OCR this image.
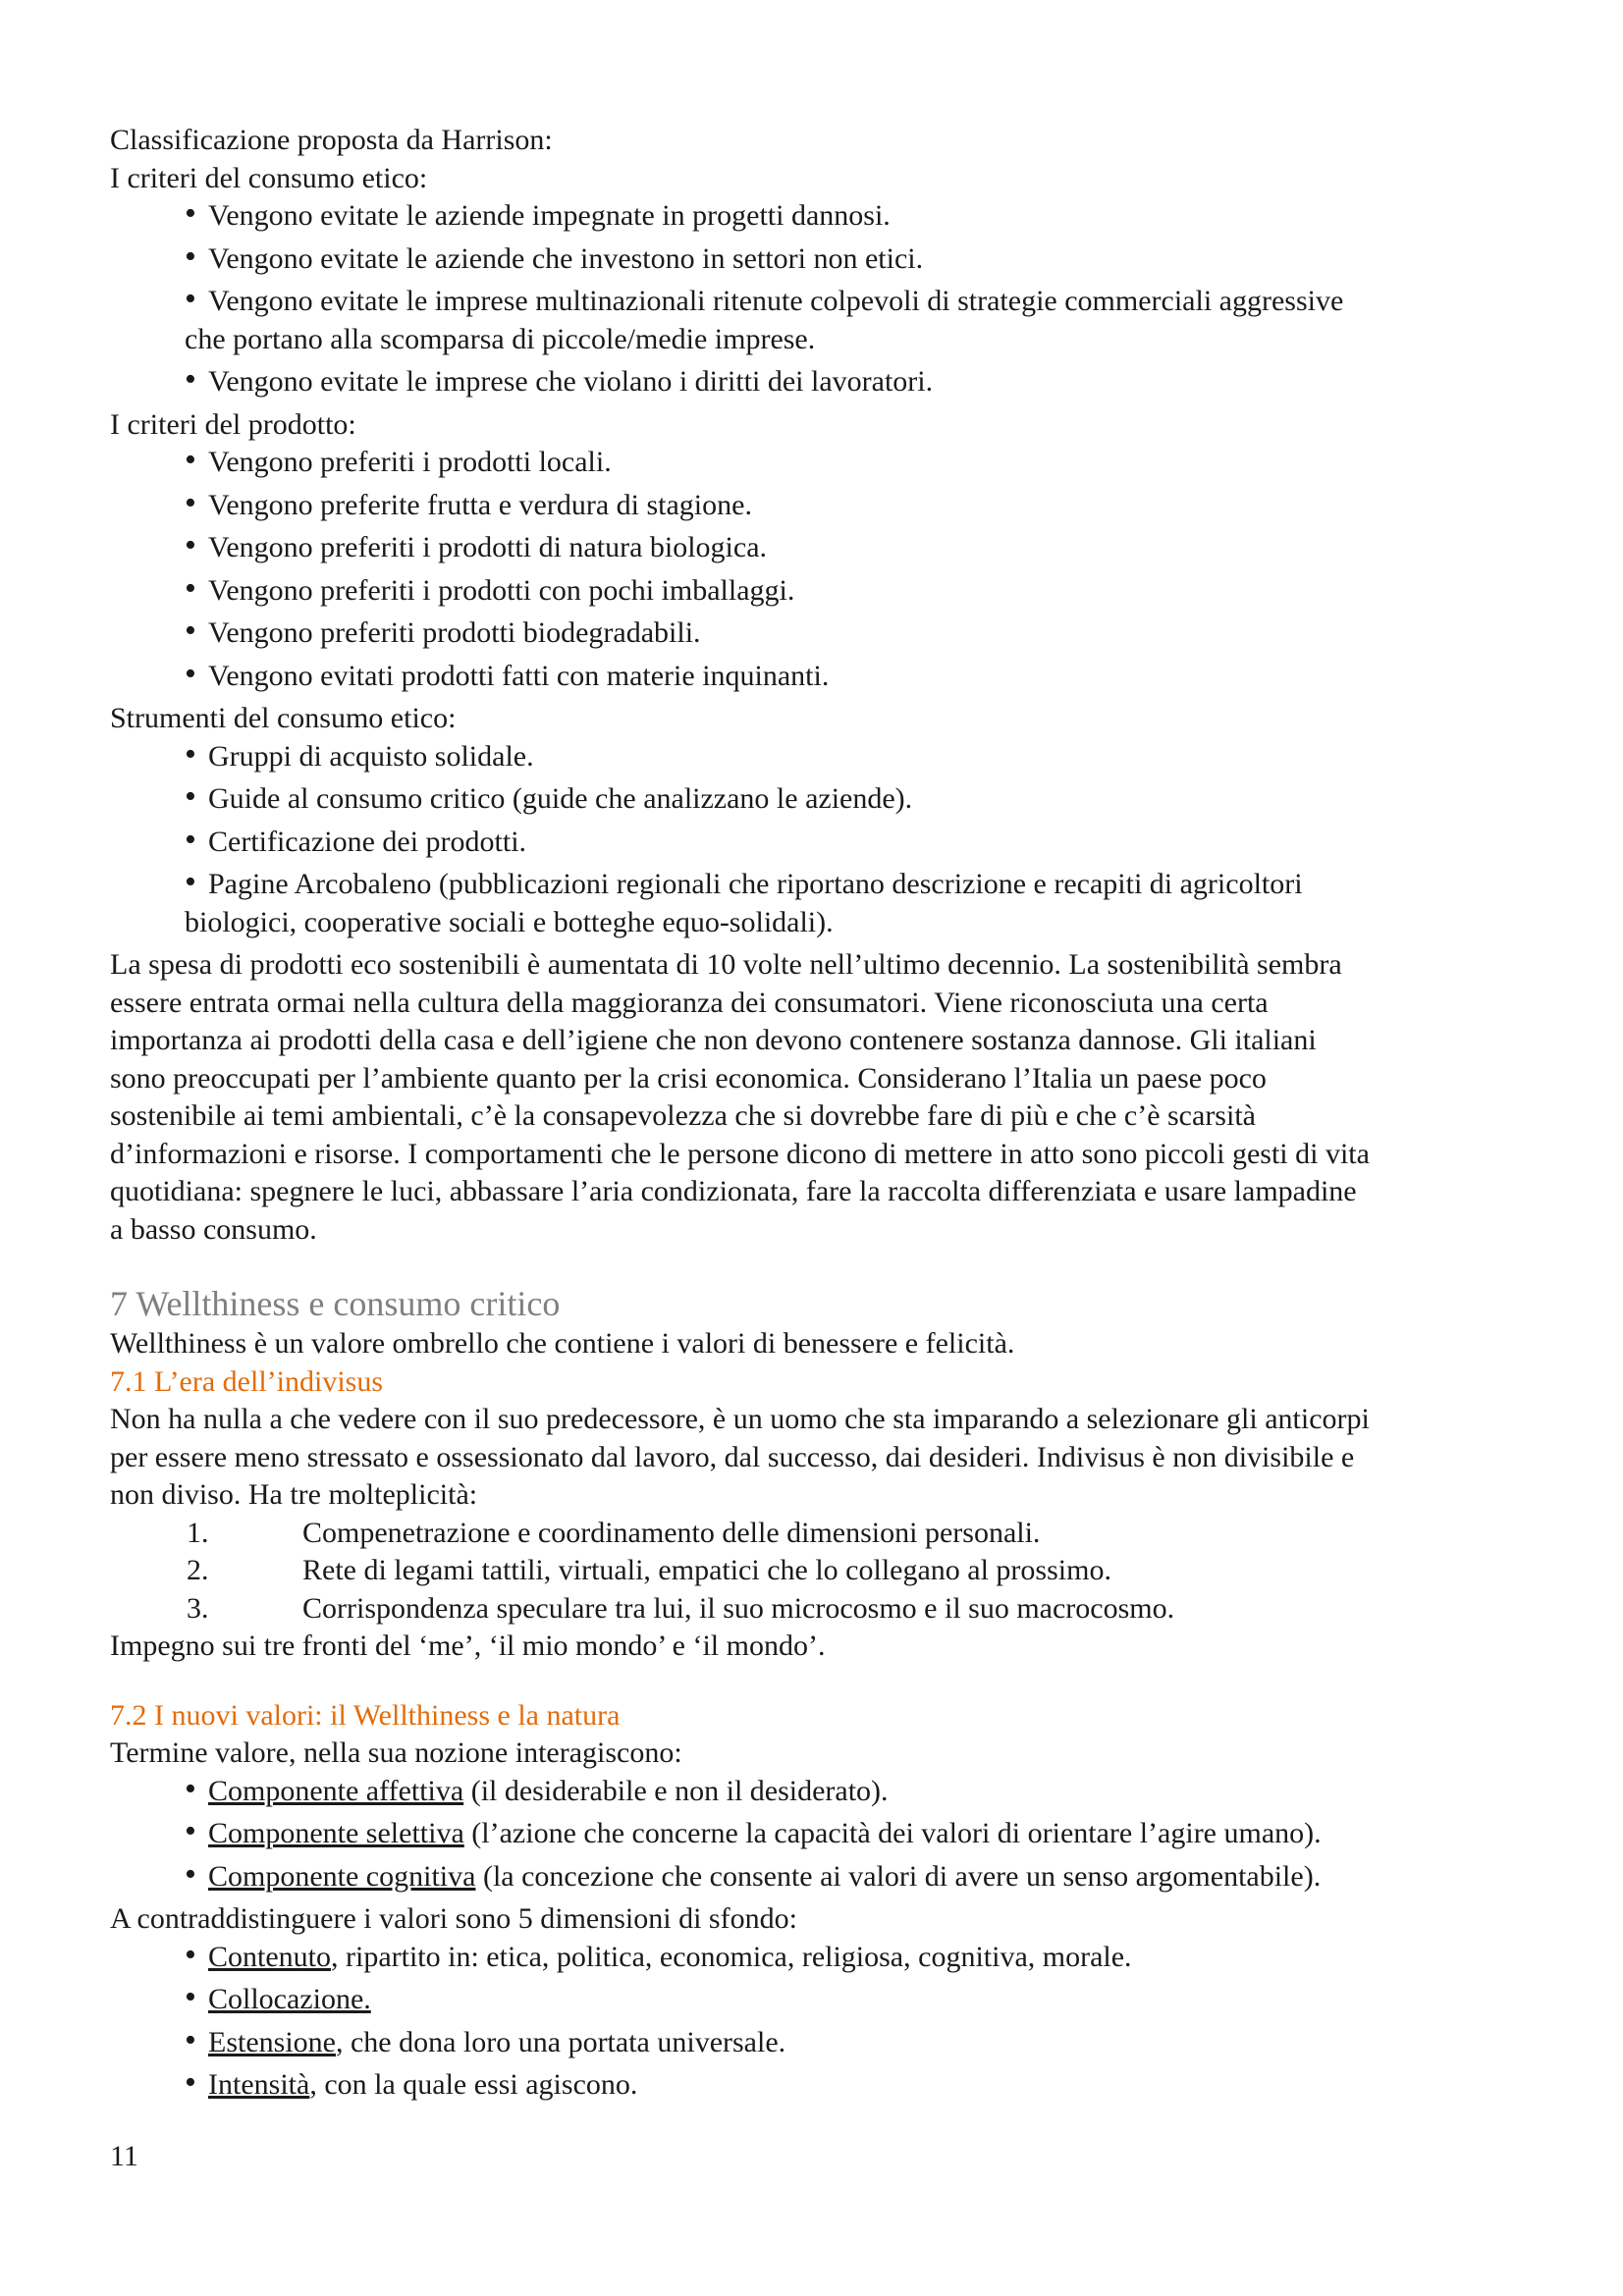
Classificazione proposta da Harrison:
I criteri del consumo etico:
• Vengono evitate le aziende impegnate in progetti dannosi.
• Vengono evitate le aziende che investono in settori non etici.
• Vengono evitate le imprese multinazionali ritenute colpevoli di strategie commerciali aggressive
che portano alla scomparsa di piccole/medie imprese.
• Vengono evitate le imprese che violano i diritti dei lavoratori.
I criteri del prodotto:
• Vengono preferiti i prodotti locali.
• Vengono preferite frutta e verdura di stagione.
• Vengono preferiti i prodotti di natura biologica.
• Vengono preferiti i prodotti con pochi imballaggi.
• Vengono preferiti prodotti biodegradabili.
• Vengono evitati prodotti fatti con materie inquinanti.
Strumenti del consumo etico:
• Gruppi di acquisto solidale.
• Guide al consumo critico (guide che analizzano le aziende).
• Certificazione dei prodotti.
• Pagine Arcobaleno (pubblicazioni regionali che riportano descrizione e recapiti di agricoltori
biologici, cooperative sociali e botteghe equo-solidali).
La spesa di prodotti eco sostenibili è aumentata di 10 volte nell’ultimo decennio. La sostenibilità sembra
essere entrata ormai nella cultura della maggioranza dei consumatori. Viene riconosciuta una certa
importanza ai prodotti della casa e dell’igiene che non devono contenere sostanza dannose. Gli italiani
sono preoccupati per l’ambiente quanto per la crisi economica. Considerano l’Italia un paese poco
sostenibile ai temi ambientali, c’è la consapevolezza che si dovrebbe fare di più e che c’è scarsità
d’informazioni e risorse. I comportamenti che le persone dicono di mettere in atto sono piccoli gesti di vita
quotidiana: spegnere le luci, abbassare l’aria condizionata, fare la raccolta differenziata e usare lampadine
a basso consumo.
7 Wellthiness e consumo critico
Wellthiness è un valore ombrello che contiene i valori di benessere e felicità.
7.1 L’era dell’indivisus
Non ha nulla a che vedere con il suo predecessore, è un uomo che sta imparando a selezionare gli anticorpi
per essere meno stressato e ossessionato dal lavoro, dal successo, dai desideri. Indivisus è non divisibile e
non diviso. Ha tre molteplicità:
1.	Compenetrazione e coordinamento delle dimensioni personali.
2.	Rete di legami tattili, virtuali, empatici che lo collegano al prossimo.
3.	Corrispondenza speculare tra lui, il suo microcosmo e il suo macrocosmo.
Impegno sui tre fronti del ‘me’, ‘il mio mondo’ e ‘il mondo’.
7.2 I nuovi valori: il Wellthiness e la natura
Termine valore, nella sua nozione interagiscono:
• Componente affettiva (il desiderabile e non il desiderato).
• Componente selettiva (l’azione che concerne la capacità dei valori di orientare l’agire umano).
• Componente cognitiva (la concezione che consente ai valori di avere un senso argomentabile).
A contraddistinguere i valori sono 5 dimensioni di sfondo:
• Contenuto, ripartito in: etica, politica, economica, religiosa, cognitiva, morale.
• Collocazione.
• Estensione, che dona loro una portata universale.
• Intensità, con la quale essi agiscono.
11
